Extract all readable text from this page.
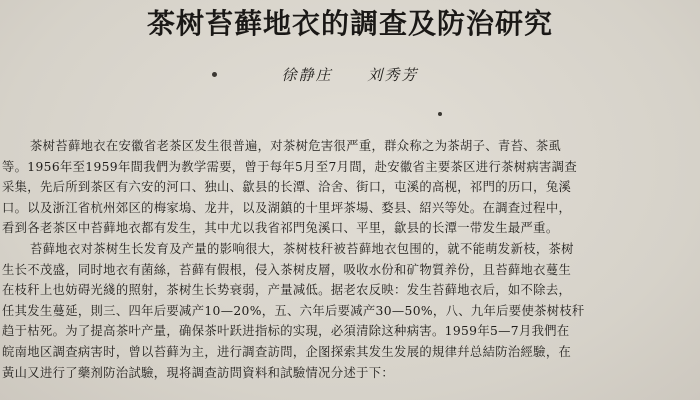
茶树苔藓地衣的調查及防治研究
徐静庄 刘秀芳
茶树苔藓地衣在安徽省老茶区发生很普遍，对茶树危害很严重，群众称之为茶胡子、青苔、茶虱
等。1956年至1959年間我們为教学需要，曾于每年5月至7月間，赴安徽省主要茶区进行茶树病害調查
采集，先后所到茶区有六安的河口、独山、歙县的长潭、洽舍、街口，屯溪的高枧，祁門的历口，兔溪
口。以及浙江省杭州郊区的梅家塢、龙井，以及湖鎮的十里坪茶場、婺县、紹兴等处。在調查过程中，
看到各老茶区中苔藓地衣都有发生，其中尤以我省祁門兔溪口、平里，歙县的长潭一带发生最严重。
苔藓地衣对茶树生长发育及产量的影响很大，茶树枝秆被苔藓地衣包围的，就不能萌发新枝，茶树
生长不茂盛，同时地衣有菌絲，苔藓有假根，侵入茶树皮層，吸收水份和矿物質养份，且苔藓地衣蔓生
在枝秆上也妨碍光綫的照射，茶树生长势衰弱，产量减低。据老农反映：发生苔藓地衣后，如不除去，
任其发生蔓延，則三、四年后要减产10—20%，五、六年后要减产30—50%，八、九年后要使茶树枝秆
趋于枯死。为了提高茶叶产量，确保茶叶跃进指标的实現，必須清除这种病害。1959年5—7月我們在
皖南地区調查病害时，曾以苔藓为主，进行調查訪問，企图探索其发生发展的規律幷总結防治經驗，在
黃山又进行了藥剂防治試驗，現将調查訪問資料和試驗情况分述于下：
